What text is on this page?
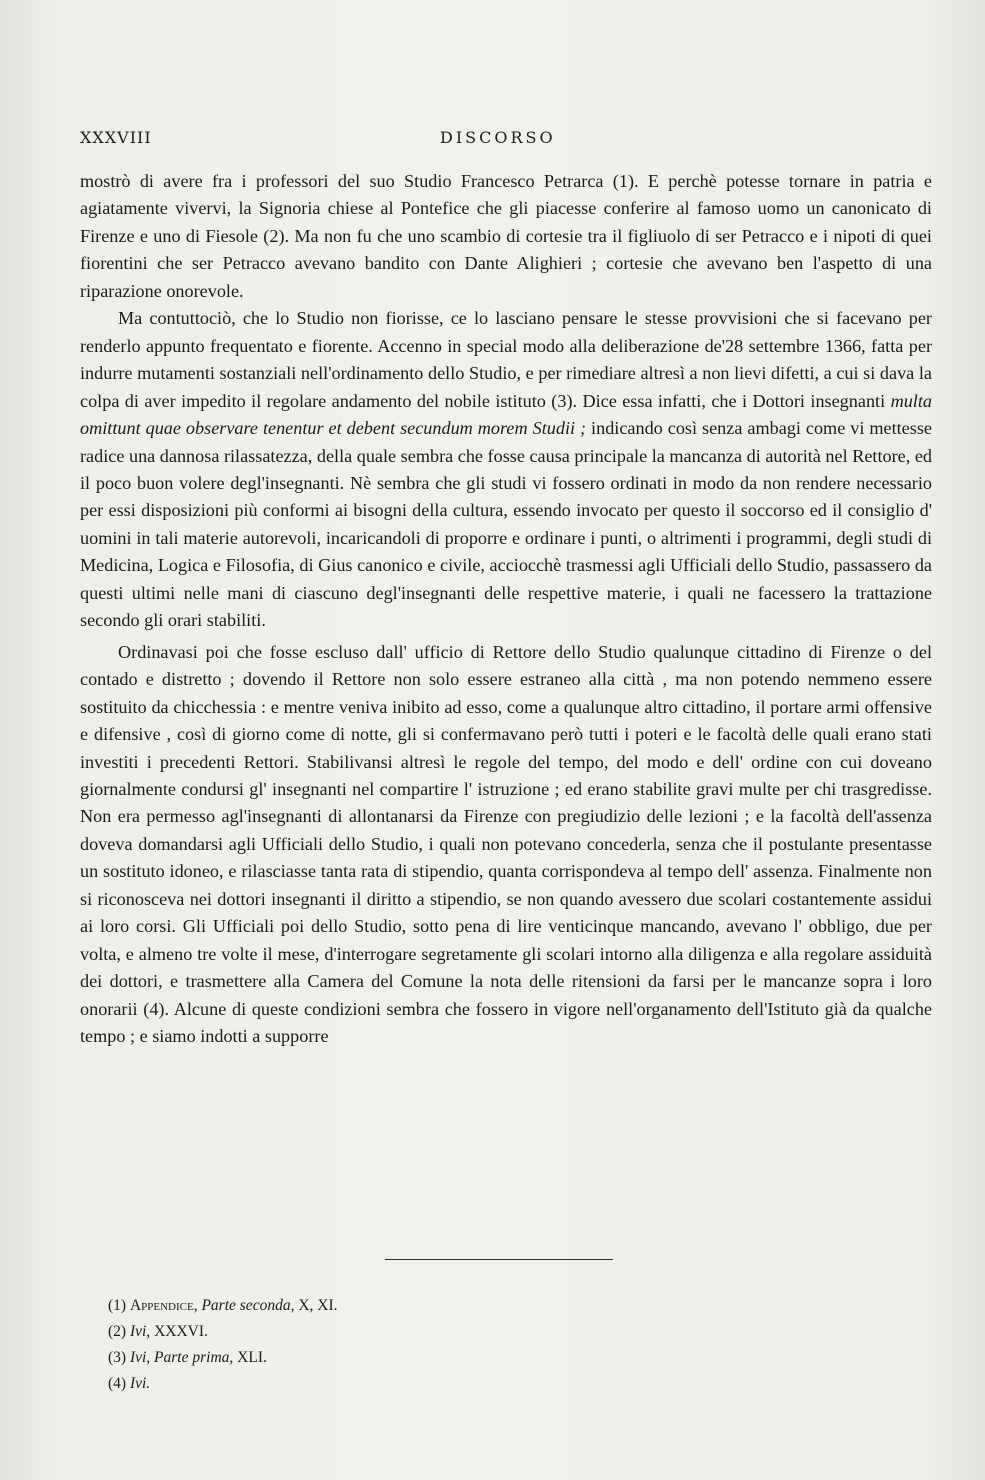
XXXVIII	DISCORSO

mostrò di avere fra i professori del suo Studio Francesco Petrarca (1). E perchè potesse tornare in patria e agiatamente vivervi, la Signoria chiese al Pontefice che gli piacesse conferire al famoso uomo un canonicato di Firenze e uno di Fiesole (2). Ma non fu che uno scambio di cortesie tra il figliuolo di ser Petracco e i nipoti di quei fiorentini che ser Petracco avevano bandito con Dante Alighieri ; cortesie che avevano ben l'aspetto di una riparazione onorevole.

Ma contuttociò, che lo Studio non fiorisse, ce lo lasciano pensare le stesse provvisioni che si facevano per renderlo appunto frequentato e fiorente. Accenno in special modo alla deliberazione de'28 settembre 1366, fatta per indurre mutamenti sostanziali nell'ordinamento dello Studio, e per rimediare altresì a non lievi difetti, a cui si dava la colpa di aver impedito il regolare andamento del nobile istituto (3). Dice essa infatti, che i Dottori insegnanti multa omittunt quae observare tenentur et debent secundum morem Studii ; indicando così senza ambagi come vi mettesse radice una dannosa rilassatezza, della quale sembra che fosse causa principale la mancanza di autorità nel Rettore, ed il poco buon volere degl'insegnanti. Nè sembra che gli studi vi fossero ordinati in modo da non rendere necessario per essi disposizioni più conformi ai bisogni della cultura, essendo invocato per questo il soccorso ed il consiglio d' uomini in tali materie autorevoli, incaricandoli di proporre e ordinare i punti, o altrimenti i programmi, degli studi di Medicina, Logica e Filosofia, di Gius canonico e civile, acciocchè trasmessi agli Ufficiali dello Studio, passassero da questi ultimi nelle mani di ciascuno degl'insegnanti delle respettive materie, i quali ne facessero la trattazione secondo gli orari stabiliti.

Ordinavasi poi che fosse escluso dall' ufficio di Rettore dello Studio qualunque cittadino di Firenze o del contado e distretto ; dovendo il Rettore non solo essere estraneo alla città , ma non potendo nemmeno essere sostituito da chicchessia : e mentre veniva inibito ad esso, come a qualunque altro cittadino, il portare armi offensive e difensive , così di giorno come di notte, gli si confermavano però tutti i poteri e le facoltà delle quali erano stati investiti i precedenti Rettori. Stabilivansi altresì le regole del tempo, del modo e dell' ordine con cui doveano giornalmente condursi gl' insegnanti nel compartire l' istruzione ; ed erano stabilite gravi multe per chi trasgredisse. Non era permesso agl'insegnanti di allontanarsi da Firenze con pregiudizio delle lezioni ; e la facoltà dell'assenza doveva domandarsi agli Ufficiali dello Studio, i quali non potevano concederla, senza che il postulante presentasse un sostituto idoneo, e rilasciasse tanta rata di stipendio, quanta corrispondeva al tempo dell' assenza. Finalmente non si riconosceva nei dottori insegnanti il diritto a stipendio, se non quando avessero due scolari costantemente assidui ai loro corsi. Gli Ufficiali poi dello Studio, sotto pena di lire venticinque mancando, avevano l' obbligo, due per volta, e almeno tre volte il mese, d'interrogare segretamente gli scolari intorno alla diligenza e alla regolare assiduità dei dottori, e trasmettere alla Camera del Comune la nota delle ritensioni da farsi per le mancanze sopra i loro onorarii (4). Alcune di queste condizioni sembra che fossero in vigore nell'organamento dell'Istituto già da qualche tempo ; e siamo indotti a supporre

(1) Appendice, Parte seconda, X, XI.
(2) Ivi, XXXVI.
(3) Ivi, Parte prima, XLI.
(4) Ivi.
